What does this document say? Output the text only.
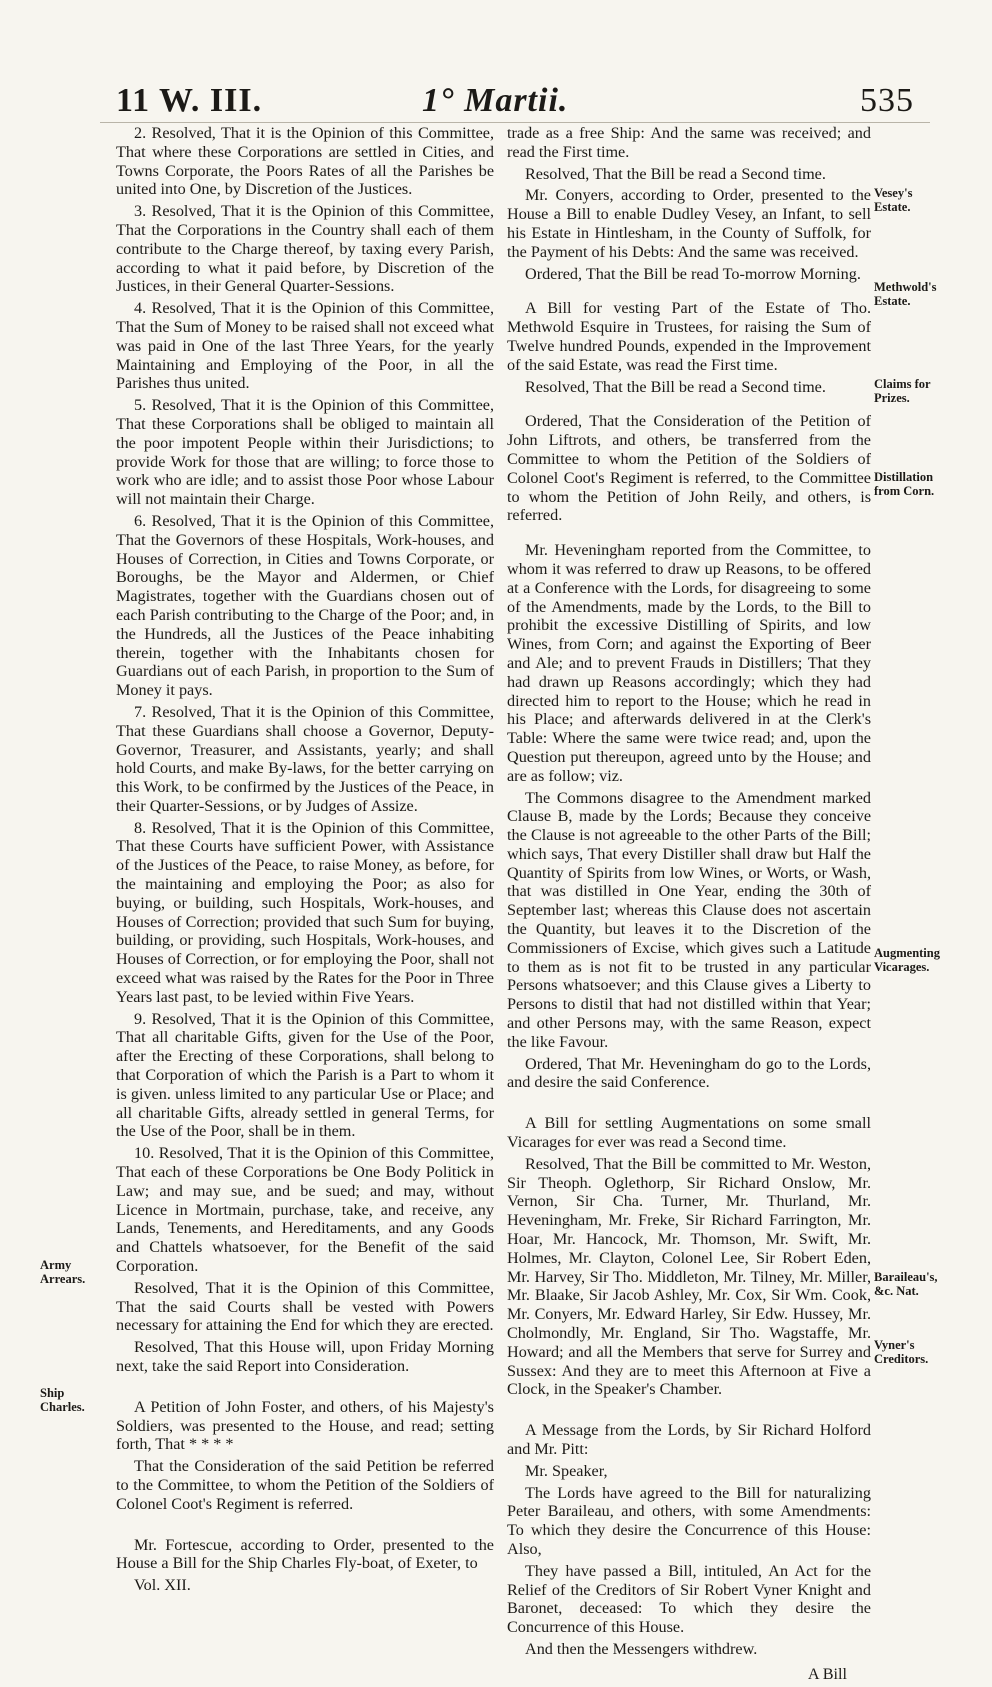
11 W. III.	1° Martii.	535

2. Resolved, That it is the Opinion of this Committee, That where these Corporations are settled in Cities, and Towns Corporate, the Poors Rates of all the Parishes be united into One, by Discretion of the Justices.

3. Resolved, That it is the Opinion of this Committee, That the Corporations in the Country shall each of them contribute to the Charge thereof, by taxing every Parish, according to what it paid before, by Discretion of the Justices, in their General Quarter-Sessions.

4. Resolved, That it is the Opinion of this Committee, That the Sum of Money to be raised shall not exceed what was paid in One of the last Three Years, for the yearly Maintaining and Employing of the Poor, in all the Parishes thus united.

5. Resolved, That it is the Opinion of this Committee, That these Corporations shall be obliged to maintain all the poor impotent People within their Jurisdictions; to provide Work for those that are willing; to force those to work who are idle; and to assist those Poor whose Labour will not maintain their Charge.

6. Resolved, That it is the Opinion of this Committee, That the Governors of these Hospitals, Work-houses, and Houses of Correction, in Cities and Towns Corporate, or Boroughs, be the Mayor and Aldermen, or Chief Magistrates, together with the Guardians chosen out of each Parish contributing to the Charge of the Poor; and, in the Hundreds, all the Justices of the Peace inhabiting therein, together with the Inhabitants chosen for Guardians out of each Parish, in proportion to the Sum of Money it pays.

7. Resolved, That it is the Opinion of this Committee, That these Guardians shall choose a Governor, Deputy-Governor, Treasurer, and Assistants, yearly; and shall hold Courts, and make By-laws, for the better carrying on this Work, to be confirmed by the Justices of the Peace, in their Quarter-Sessions, or by Judges of Assize.

8. Resolved, That it is the Opinion of this Committee, That these Courts have sufficient Power, with Assistance of the Justices of the Peace, to raise Money, as before, for the maintaining and employing the Poor; as also for buying, or building, such Hospitals, Work-houses, and Houses of Correction; provided that such Sum for buying, building, or providing, such Hospitals, Work-houses, and Houses of Correction, or for employing the Poor, shall not exceed what was raised by the Rates for the Poor in Three Years last past, to be levied within Five Years.

9. Resolved, That it is the Opinion of this Committee, That all charitable Gifts, given for the Use of the Poor, after the Erecting of these Corporations, shall belong to that Corporation of which the Parish is a Part to whom it is given. unless limited to any particular Use or Place; and all charitable Gifts, already settled in general Terms, for the Use of the Poor, shall be in them.

10. Resolved, That it is the Opinion of this Committee, That each of these Corporations be One Body Politick in Law; and may sue, and be sued; and may, without Licence in Mortmain, purchase, take, and receive, any Lands, Tenements, and Hereditaments, and any Goods and Chattels whatsoever, for the Benefit of the said Corporation.

Resolved, That it is the Opinion of this Committee, That the said Courts shall be vested with Powers necessary for attaining the End for which they are erected.

Resolved, That this House will, upon Friday Morning next, take the said Report into Consideration.

A Petition of John Foster, and others, of his Majesty's Soldiers, was presented to the House, and read; setting forth, That * * * *

That the Consideration of the said Petition be referred to the Committee, to whom the Petition of the Soldiers of Colonel Coot's Regiment is referred.

Mr. Fortescue, according to Order, presented to the House a Bill for the Ship Charles Fly-boat, of Exeter, to

Vol. XII.

Army Arrears.
Ship Charles.

trade as a free Ship: And the same was received; and read the First time.

Resolved, That the Bill be read a Second time.

Mr. Conyers, according to Order, presented to the House a Bill to enable Dudley Vesey, an Infant, to sell his Estate in Hintlesham, in the County of Suffolk, for the Payment of his Debts: And the same was received.

Ordered, That the Bill be read To-morrow Morning.

A Bill for vesting Part of the Estate of Tho. Methwold Esquire in Trustees, for raising the Sum of Twelve hundred Pounds, expended in the Improvement of the said Estate, was read the First time.

Resolved, That the Bill be read a Second time.

Ordered, That the Consideration of the Petition of John Liftrots, and others, be transferred from the Committee to whom the Petition of the Soldiers of Colonel Coot's Regiment is referred, to the Committee to whom the Petition of John Reily, and others, is referred.

Mr. Heveningham reported from the Committee, to whom it was referred to draw up Reasons, to be offered at a Conference with the Lords, for disagreeing to some of the Amendments, made by the Lords, to the Bill to prohibit the excessive Distilling of Spirits, and low Wines, from Corn; and against the Exporting of Beer and Ale; and to prevent Frauds in Distillers; That they had drawn up Reasons accordingly; which they had directed him to report to the House; which he read in his Place; and afterwards delivered in at the Clerk's Table: Where the same were twice read; and, upon the Question put thereupon, agreed unto by the House; and are as follow; viz.

The Commons disagree to the Amendment marked Clause B, made by the Lords; Because they conceive the Clause is not agreeable to the other Parts of the Bill; which says, That every Distiller shall draw but Half the Quantity of Spirits from low Wines, or Worts, or Wash, that was distilled in One Year, ending the 30th of September last; whereas this Clause does not ascertain the Quantity, but leaves it to the Discretion of the Commissioners of Excise, which gives such a Latitude to them as is not fit to be trusted in any particular Persons whatsoever; and this Clause gives a Liberty to Persons to distil that had not distilled within that Year; and other Persons may, with the same Reason, expect the like Favour.

Ordered, That Mr. Heveningham do go to the Lords, and desire the said Conference.

A Bill for settling Augmentations on some small Vicarages for ever was read a Second time.

Resolved, That the Bill be committed to Mr. Weston, Sir Theoph. Oglethorp, Sir Richard Onslow, Mr. Vernon, Sir Cha. Turner, Mr. Thurland, Mr. Heveningham, Mr. Freke, Sir Richard Farrington, Mr. Hoar, Mr. Hancock, Mr. Thomson, Mr. Swift, Mr. Holmes, Mr. Clayton, Colonel Lee, Sir Robert Eden, Mr. Harvey, Sir Tho. Middleton, Mr. Tilney, Mr. Miller, Mr. Blaake, Sir Jacob Ashley, Mr. Cox, Sir Wm. Cook, Mr. Conyers, Mr. Edward Harley, Sir Edw. Hussey, Mr. Cholmondly, Mr. England, Sir Tho. Wagstaffe, Mr. Howard; and all the Members that serve for Surrey and Sussex: And they are to meet this Afternoon at Five a Clock, in the Speaker's Chamber.

A Message from the Lords, by Sir Richard Holford and Mr. Pitt:

Mr. Speaker,

The Lords have agreed to the Bill for naturalizing Peter Baraileau, and others, with some Amendments: To which they desire the Concurrence of this House: Also,

They have passed a Bill, intituled, An Act for the Relief of the Creditors of Sir Robert Vyner Knight and Baronet, deceased: To which they desire the Concurrence of this House.

And then the Messengers withdrew.

A Bill

Vesey's Estate.
Methwold's Estate.
Claims for Prizes.
Distillation from Corn.
Augmenting Vicarages.
Baraileau's, &c. Nat.
Vyner's Creditors.
